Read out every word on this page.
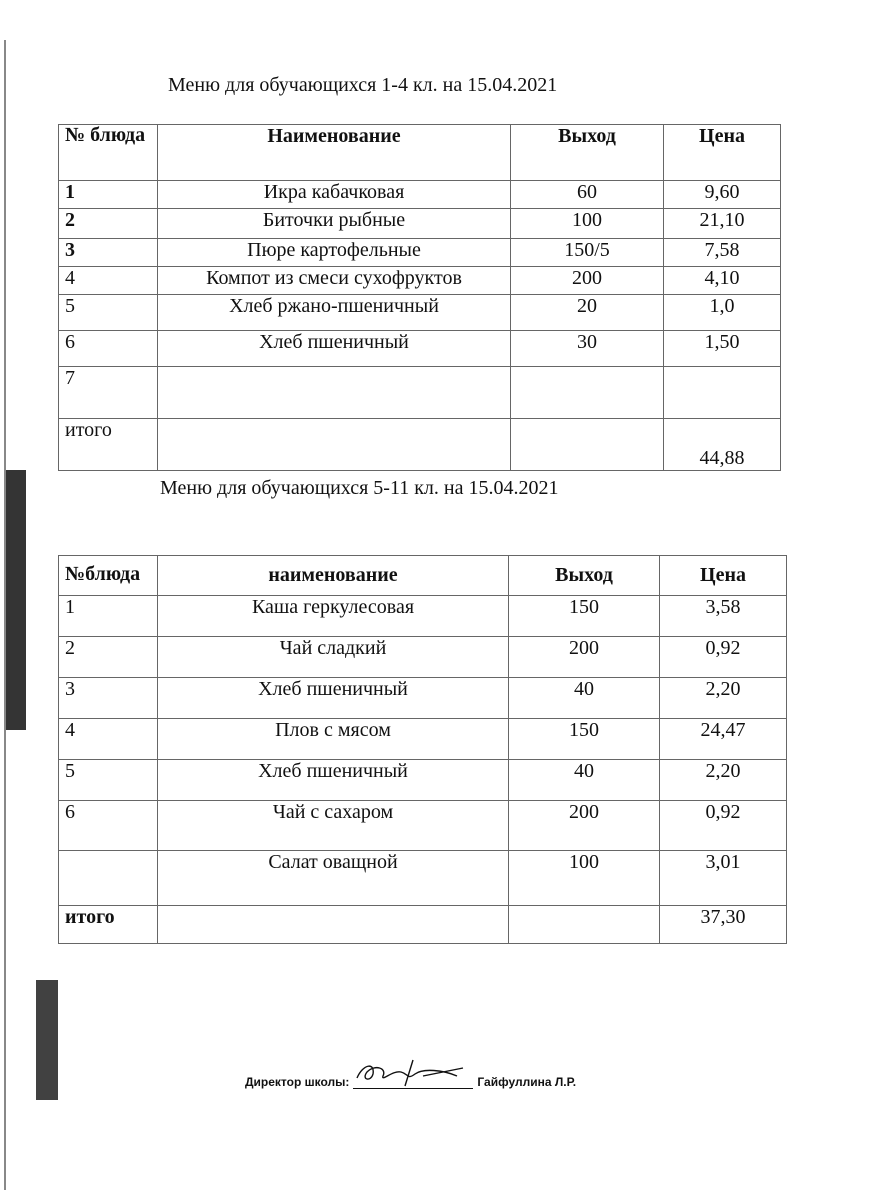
Меню для обучающихся 1-4 кл. на 15.04.2021
№ блюда	Наименование	Выход	Цена
1	Икра кабачковая	60	9,60
2	Биточки рыбные	100	21,10
3	Пюре картофельные	150/5	7,58
4	Компот из смеси сухофруктов	200	4,10
5	Хлеб ржано-пшеничный	20	1,0
6	Хлеб пшеничный	30	1,50
7			
итого			44,88
Меню для обучающихся 5-11 кл. на 15.04.2021
№блюда	наименование	Выход	Цена
1	Каша геркулесовая	150	3,58
2	Чай сладкий	200	0,92
3	Хлеб пшеничный	40	2,20
4	Плов с мясом	150	24,47
5	Хлеб пшеничный	40	2,20
6	Чай с сахаром	200	0,92
	Салат оващной	100	3,01
итого			37,30
Директор школы:	Гайфуллина Л.Р.
